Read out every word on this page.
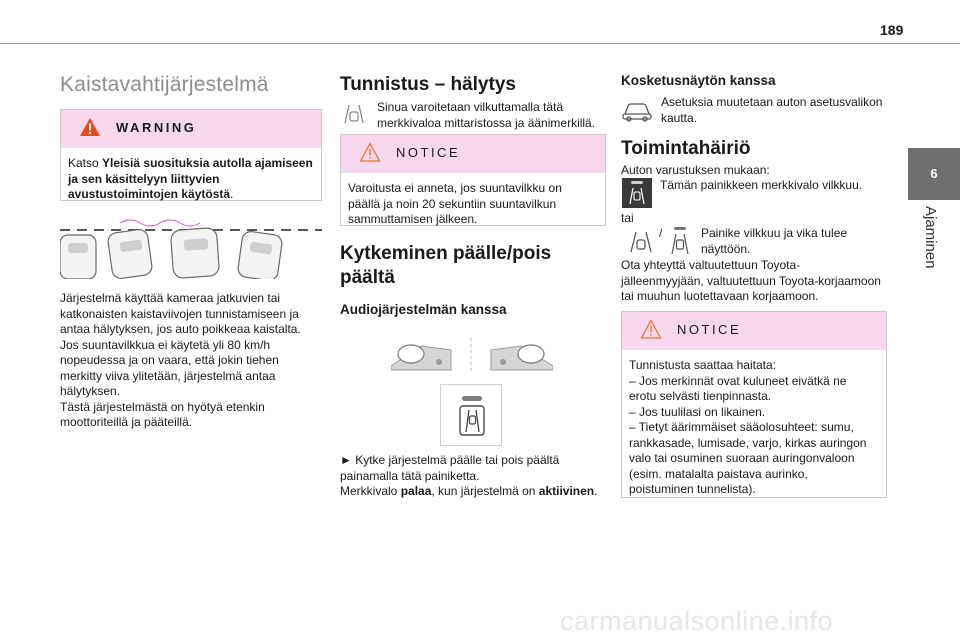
189
6
Ajaminen
Kaistavahtijärjestelmä
WARNING
Katso Yleisiä suosituksia autolla ajamiseen ja sen käsittelyyn liittyvien avustustoimintojen käytöstä.
Järjestelmä käyttää kameraa jatkuvien tai
katkonaisten kaistaviivojen tunnistamiseen ja
antaa hälytyksen, jos auto poikkeaa kaistalta.
Jos suuntavilkkua ei käytetä yli 80 km/h
nopeudessa ja on vaara, että jokin tiehen
merkitty viiva ylitetään, järjestelmä antaa
hälytyksen.
Tästä järjestelmästä on hyötyä etenkin
moottoriteillä ja pääteillä.
Tunnistus – hälytys
Sinua varoitetaan vilkuttamalla tätä
merkkivaloa mittaristossa ja äänimerkillä.
NOTICE
Varoitusta ei anneta, jos suuntavilkku on
päällä ja noin 20 sekuntiin suuntavilkun
sammuttamisen jälkeen.
Kytkeminen päälle/pois
päältä
Audiojärjestelmän kanssa
► Kytke järjestelmä päälle tai pois päältä
painamalla tätä painiketta.
Merkkivalo palaa, kun järjestelmä on aktiivinen.
Kosketusnäytön kanssa
Asetuksia muutetaan auton asetusvalikon
kautta.
Toimintahäiriö
Auton varustuksen mukaan:
Tämän painikkeen merkkivalo vilkkuu.
tai
/	Painike vilkkuu ja vika tulee
näyttöön.
Ota yhteyttä valtuutettuun Toyota-
jälleenmyyjään, valtuutettuun Toyota-korjaamoon
tai muuhun luotettavaan korjaamoon.
NOTICE
Tunnistusta saattaa haitata:
– Jos merkinnät ovat kuluneet eivätkä ne
erotu selvästi tienpinnasta.
– Jos tuulilasi on likainen.
– Tietyt äärimmäiset sääolosuhteet: sumu,
rankkasade, lumisade, varjo, kirkas auringon
valo tai osuminen suoraan auringonvaloon
(esim. matalalta paistava aurinko,
poistuminen tunnelista).
carmanualsonline.info
